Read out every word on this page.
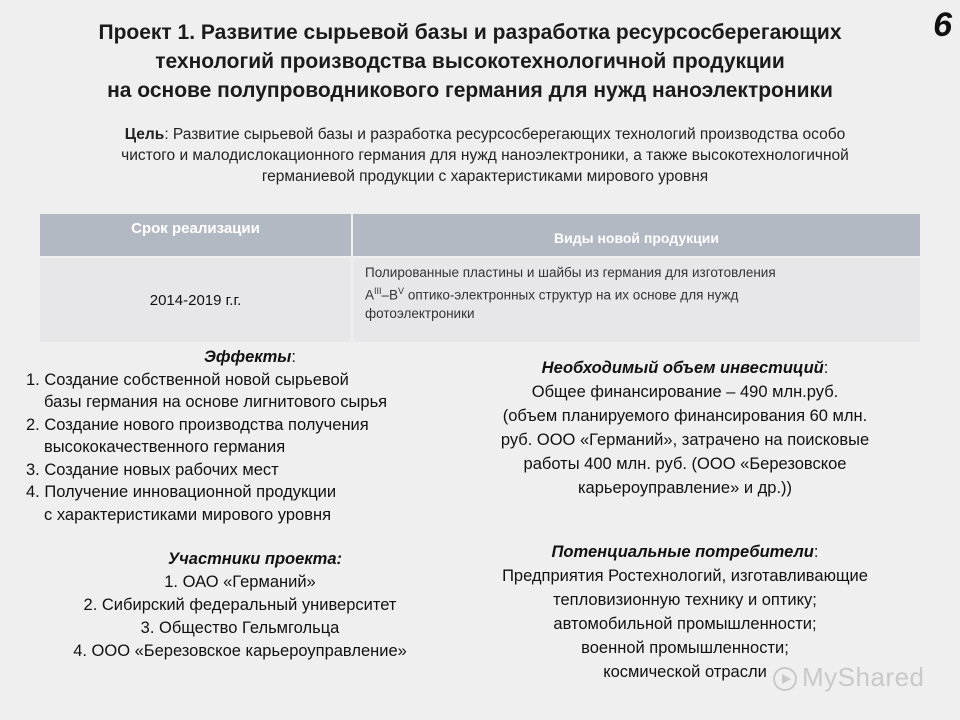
6
Проект 1. Развитие сырьевой базы и разработка ресурсосберегающих
технологий производства высокотехнологичной продукции
на основе полупроводникового германия для нужд наноэлектроники
Цель: Развитие сырьевой базы и разработка ресурсосберегающих технологий производства особо
чистого и малодислокационного германия для нужд наноэлектроники, а также высокотехнологичной
германиевой продукции с характеристиками мирового уровня
Срок реализации	Виды новой продукции
2014-2019 г.г.	Полированные пластины и шайбы из германия для изготовления
$A^{III}-B^V$ оптико-электронных структур на их основе для нужд
фотоэлектроники
Эффекты:
1. Создание собственной новой сырьевой
базы германия на основе лигнитового сырья
2. Создание нового производства получения
высококачественного германия
3. Создание новых рабочих мест
4. Получение инновационной продукции
с характеристиками мирового уровня
Участники проекта:
1. ОАО «Германий»
2. Сибирский федеральный университет
3. Общество Гельмгольца
4. ООО «Березовское карьероуправление»
Необходимый объем инвестиций:
Общее финансирование – 490 млн.руб.
(объем планируемого финансирования 60 млн.
руб. ООО «Германий», затрачено на поисковые
работы 400 млн. руб. (ООО «Березовское
карьероуправление» и др.))
Потенциальные потребители:
Предприятия Ростехнологий, изготавливающие
тепловизионную технику и оптику;
автомобильной промышленности;
военной промышленности;
космической отрасли	MyShared
